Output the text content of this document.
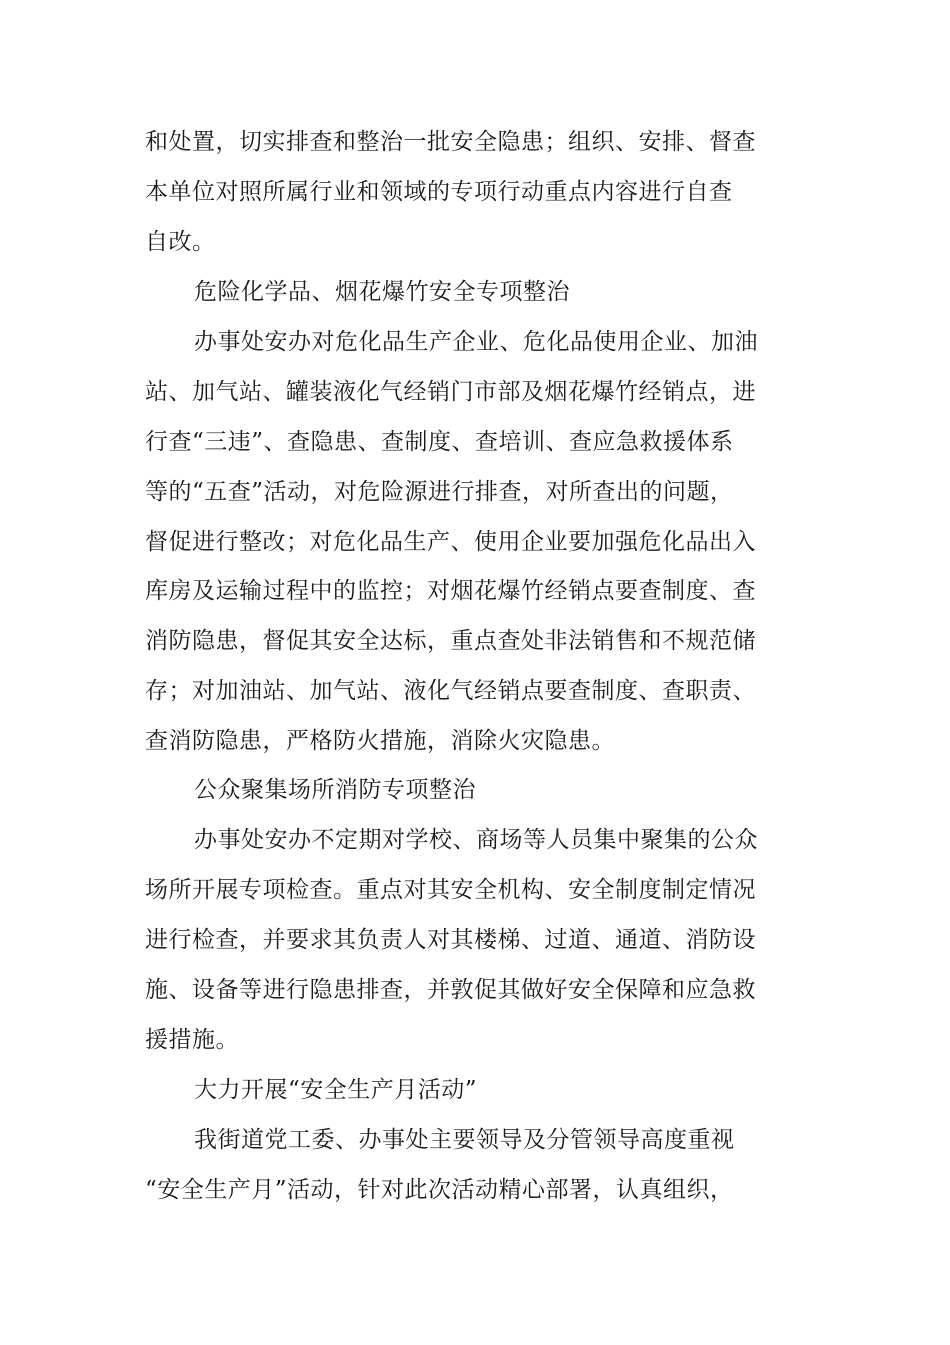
和处置，切实排查和整治一批安全隐患；组织、安排、督查
本单位对照所属行业和领域的专项行动重点内容进行自查
自改。
危险化学品、烟花爆竹安全专项整治
办事处安办对危化品生产企业、危化品使用企业、加油
站、加气站、罐装液化气经销门市部及烟花爆竹经销点，进
行查“三违”、查隐患、查制度、查培训、查应急救援体系
等的“五查”活动，对危险源进行排查，对所查出的问题，
督促进行整改；对危化品生产、使用企业要加强危化品出入
库房及运输过程中的监控；对烟花爆竹经销点要查制度、查
消防隐患，督促其安全达标，重点查处非法销售和不规范储
存；对加油站、加气站、液化气经销点要查制度、查职责、
查消防隐患，严格防火措施，消除火灾隐患。
公众聚集场所消防专项整治
办事处安办不定期对学校、商场等人员集中聚集的公众
场所开展专项检查。重点对其安全机构、安全制度制定情况
进行检查，并要求其负责人对其楼梯、过道、通道、消防设
施、设备等进行隐患排查，并敦促其做好安全保障和应急救
援措施。
大力开展“安全生产月活动”
我街道党工委、办事处主要领导及分管领导高度重视
“安全生产月”活动，针对此次活动精心部署，认真组织，
